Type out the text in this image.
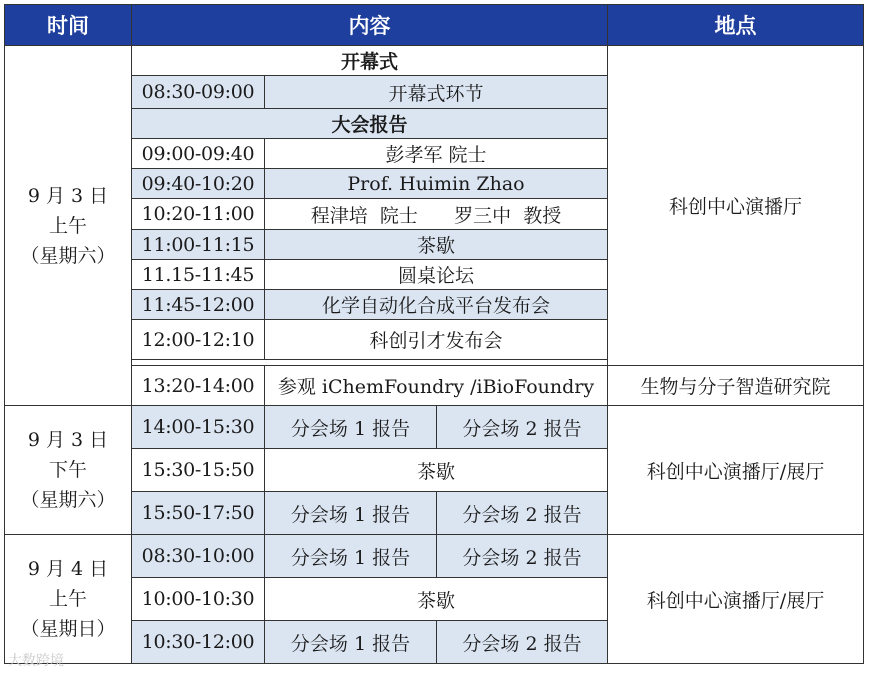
时间	内容			地点

9 月 3 日
上午
（星期六）	开幕式			科创中心演播厅
	08:30-09:00	开幕式环节		
	大会报告			
	09:00-09:40	彭孝军 院士		
	09:40-10:20	Prof. Huimin Zhao		
	10:20-11:00	程津培  院士      罗三中  教授		
	11:00-11:15	茶歇		
	11.15-11:45	圆桌论坛		
	11:45-12:00	化学自动化合成平台发布会		
	12:00-12:10	科创引才发布会		

	13:20-14:00	参观 iChemFoundry /iBioFoundry		生物与分子智造研究院

9 月 3 日
下午
（星期六）	14:00-15:30	分会场 1 报告	分会场 2 报告	科创中心演播厅/展厅
	15:30-15:50	茶歇		
	15:50-17:50	分会场 1 报告	分会场 2 报告	

9 月 4 日
上午
（星期日）	08:30-10:00	分会场 1 报告	分会场 2 报告	科创中心演播厅/展厅
	10:00-10:30	茶歇		
	10:30-12:00	分会场 1 报告	分会场 2 报告	
大数跨境
